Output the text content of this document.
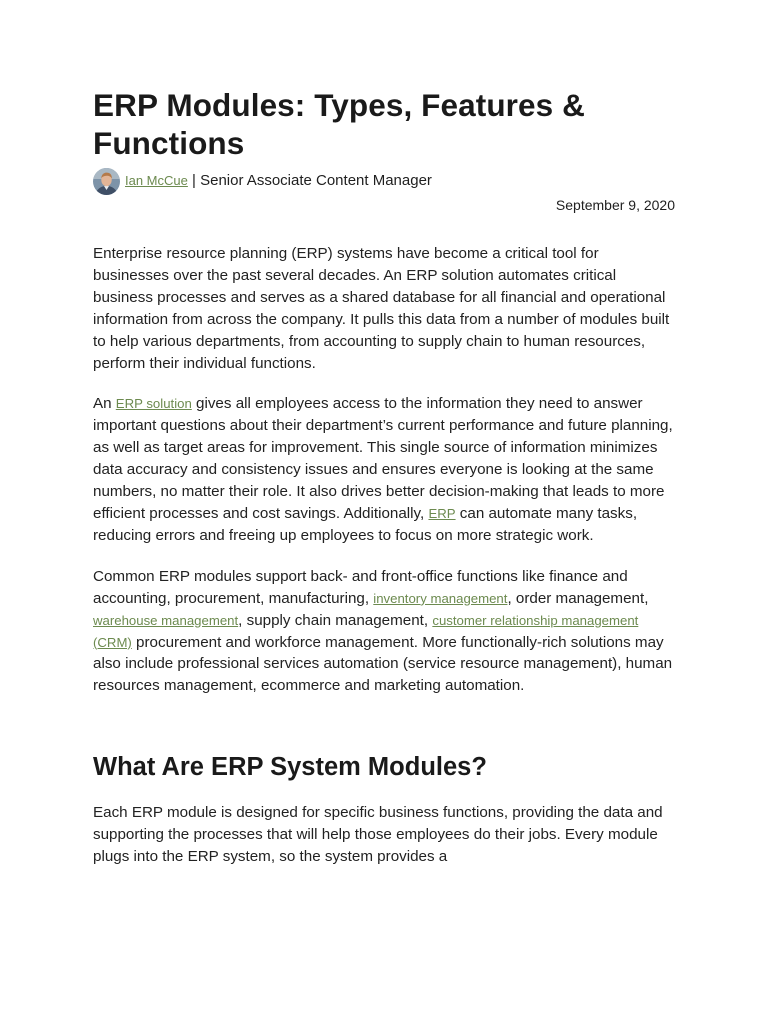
ERP Modules: Types, Features & Functions
Ian McCue | Senior Associate Content Manager
September 9, 2020

Enterprise resource planning (ERP) systems have become a critical tool for businesses over the past several decades. An ERP solution automates critical business processes and serves as a shared database for all financial and operational information from across the company. It pulls this data from a number of modules built to help various departments, from accounting to supply chain to human resources, perform their individual functions.

An ERP solution gives all employees access to the information they need to answer important questions about their department’s current performance and future planning, as well as target areas for improvement. This single source of information minimizes data accuracy and consistency issues and ensures everyone is looking at the same numbers, no matter their role. It also drives better decision-making that leads to more efficient processes and cost savings. Additionally, ERP can automate many tasks, reducing errors and freeing up employees to focus on more strategic work.

Common ERP modules support back- and front-office functions like finance and accounting, procurement, manufacturing, inventory management, order management, warehouse management, supply chain management, customer relationship management (CRM) procurement and workforce management. More functionally-rich solutions may also include professional services automation (service resource management), human resources management, ecommerce and marketing automation.

What Are ERP System Modules?

Each ERP module is designed for specific business functions, providing the data and supporting the processes that will help those employees do their jobs. Every module plugs into the ERP system, so the system provides a
